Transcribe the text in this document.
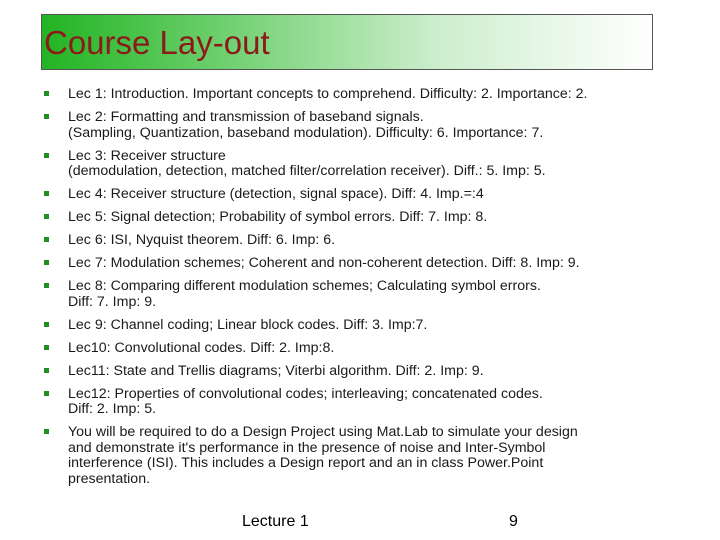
Course Lay-out
Lec 1: Introduction. Important concepts to comprehend. Difficulty: 2. Importance: 2.
Lec 2: Formatting and transmission of baseband signals.
(Sampling, Quantization, baseband modulation). Difficulty: 6. Importance: 7.
Lec 3: Receiver structure
(demodulation, detection, matched filter/correlation receiver). Diff.: 5. Imp: 5.
Lec 4: Receiver structure (detection, signal space). Diff: 4. Imp.=:4
Lec 5: Signal detection; Probability of symbol errors. Diff: 7. Imp: 8.
Lec 6: ISI, Nyquist theorem. Diff: 6. Imp: 6.
Lec 7: Modulation schemes; Coherent and non-coherent detection. Diff: 8. Imp: 9.
Lec 8: Comparing different modulation schemes; Calculating symbol errors.
Diff: 7. Imp: 9.
Lec 9: Channel coding; Linear block codes. Diff: 3. Imp:7.
Lec10: Convolutional codes. Diff: 2. Imp:8.
Lec11: State and Trellis diagrams; Viterbi algorithm. Diff: 2. Imp: 9.
Lec12: Properties of convolutional codes; interleaving; concatenated codes.
Diff: 2. Imp: 5.
You will be required to do a Design Project using Mat.Lab to simulate your design
and demonstrate it's performance in the presence of noise and Inter-Symbol
interference (ISI). This includes a Design report and an in class Power.Point
presentation.
Lecture 1	9
